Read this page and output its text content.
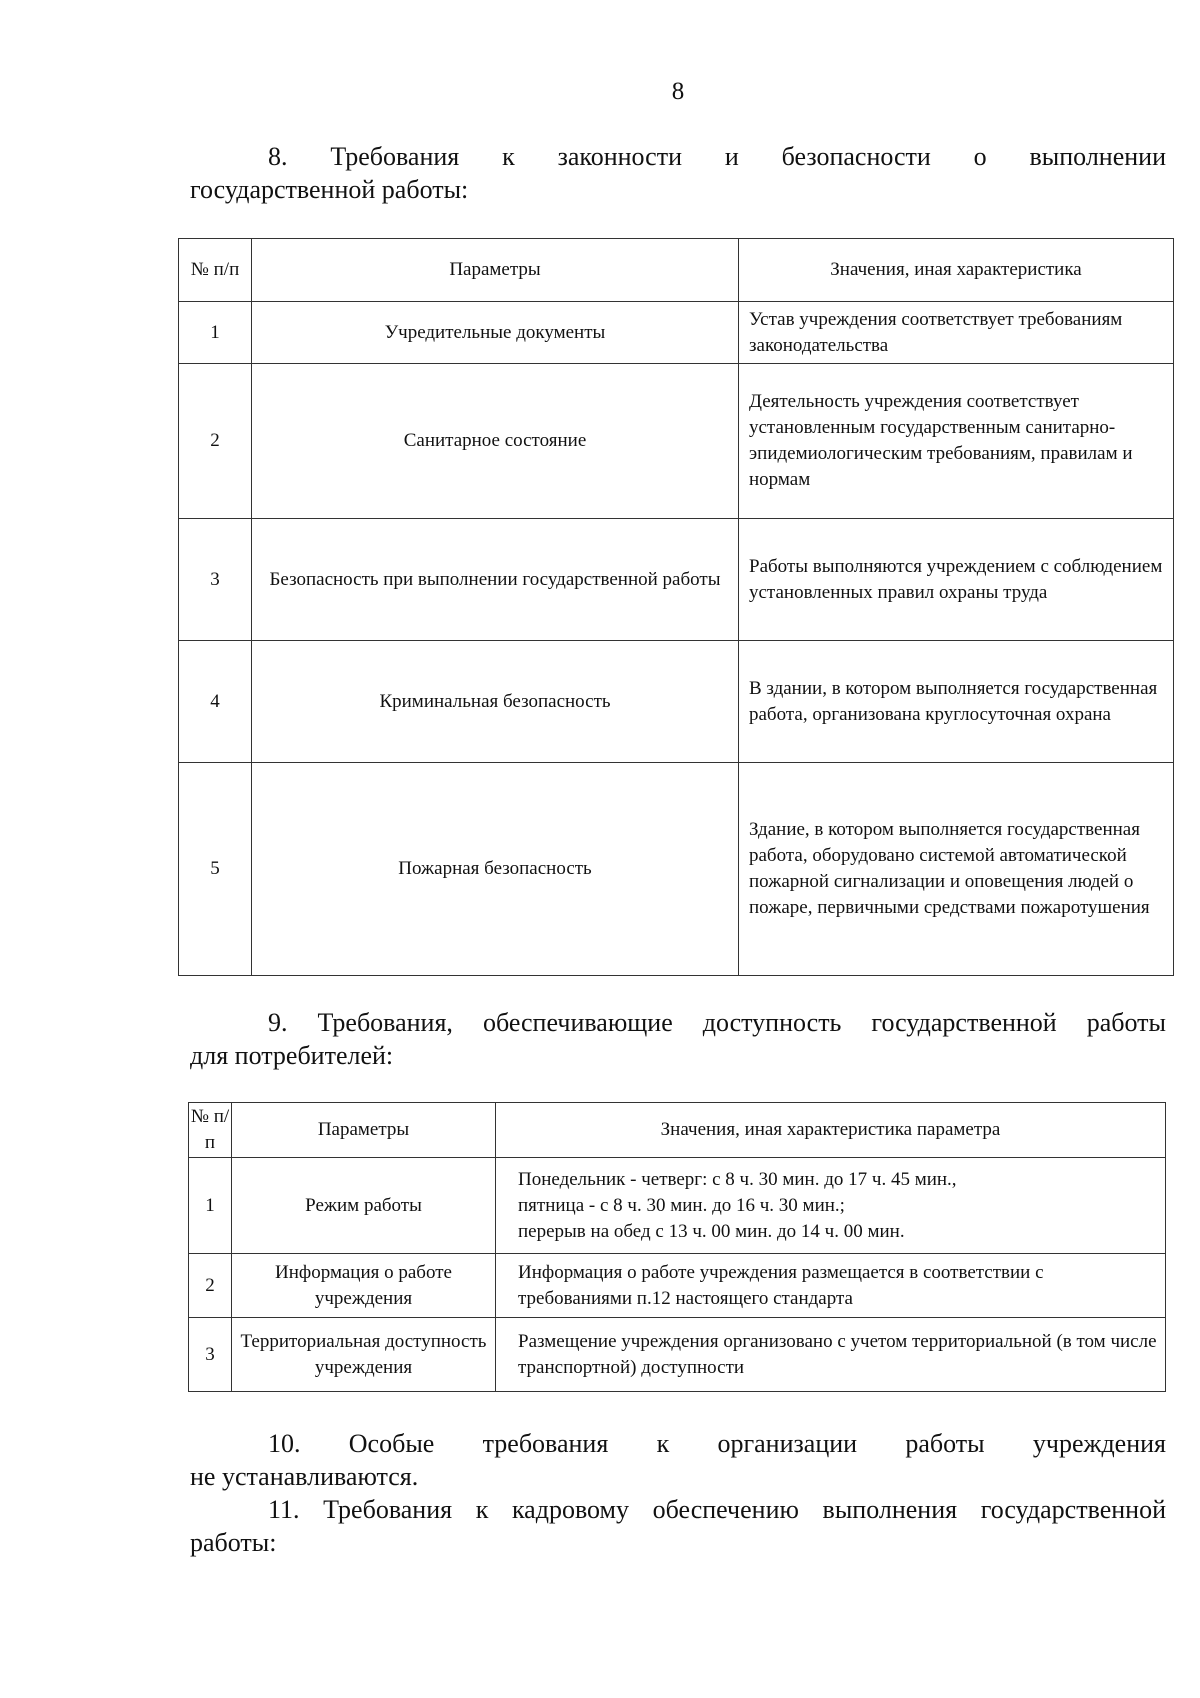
8
8. Требования к законности и безопасности о выполнении
государственной работы:
№ п/п	Параметры	Значения, иная характеристика
1	Учредительные документы	Устав учреждения соответствует требованиям законодательства
2	Санитарное состояние	Деятельность учреждения соответствует установленным государственным санитарно-эпидемиологическим требованиям, правилам и нормам
3	Безопасность при выполнении государственной работы	Работы выполняются учреждением с соблюдением установленных правил охраны труда
4	Криминальная безопасность	В здании, в котором выполняется государственная работа, организована круглосуточная охрана
5	Пожарная безопасность	Здание, в котором выполняется государственная работа, оборудовано системой автоматической пожарной сигнализации и оповещения людей о пожаре, первичными средствами пожаротушения
9. Требования, обеспечивающие доступность государственной работы
для потребителей:
№ п/п	Параметры	Значения, иная характеристика параметра
1	Режим работы	Понедельник - четверг: с 8 ч. 30 мин. до 17 ч. 45 мин.,
пятница - с 8 ч. 30 мин. до 16 ч. 30 мин.;
перерыв на обед с 13 ч. 00 мин. до 14 ч. 00 мин.

2	Информация о работе учреждения	Информация о работе учреждения размещается в соответствии с требованиями п.12 настоящего стандарта
3	Территориальная доступность учреждения	Размещение учреждения организовано с учетом территориальной (в том числе транспортной) доступности
10. Особые требования к организации работы учреждения
не устанавливаются.
11. Требования к кадровому обеспечению выполнения государственной
работы:
